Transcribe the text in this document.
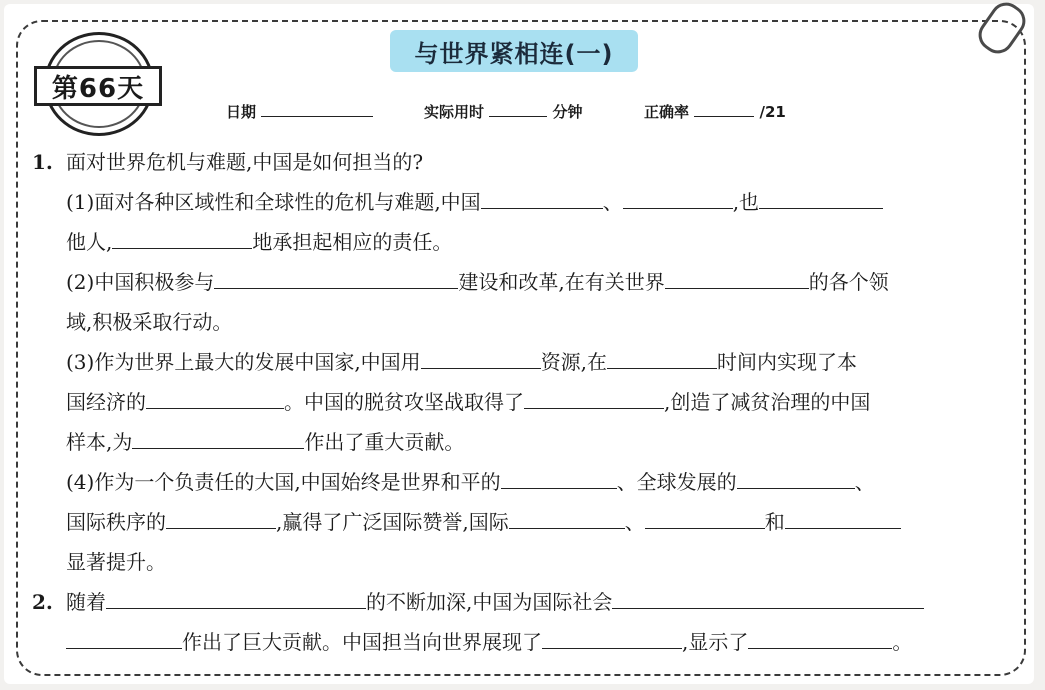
与世界紧相连(一)
第66天
日期	实际用时	分钟	正确率	/21
1. 面对世界危机与难题,中国是如何担当的?
(1)面对各种区域性和全球性的危机与难题,中国	、	,也
他人,	地承担起相应的责任。
(2)中国积极参与	建设和改革,在有关世界	的各个领
域,积极采取行动。
(3)作为世界上最大的发展中国家,中国用	资源,在	时间内实现了本
国经济的	。中国的脱贫攻坚战取得了	,创造了减贫治理的中国
样本,为	作出了重大贡献。
(4)作为一个负责任的大国,中国始终是世界和平的	、全球发展的	、
国际秩序的	,赢得了广泛国际赞誉,国际	、	和
显著提升。
2. 随着	的不断加深,中国为国际社会
作出了巨大贡献。中国担当向世界展现了	,显示了	。
